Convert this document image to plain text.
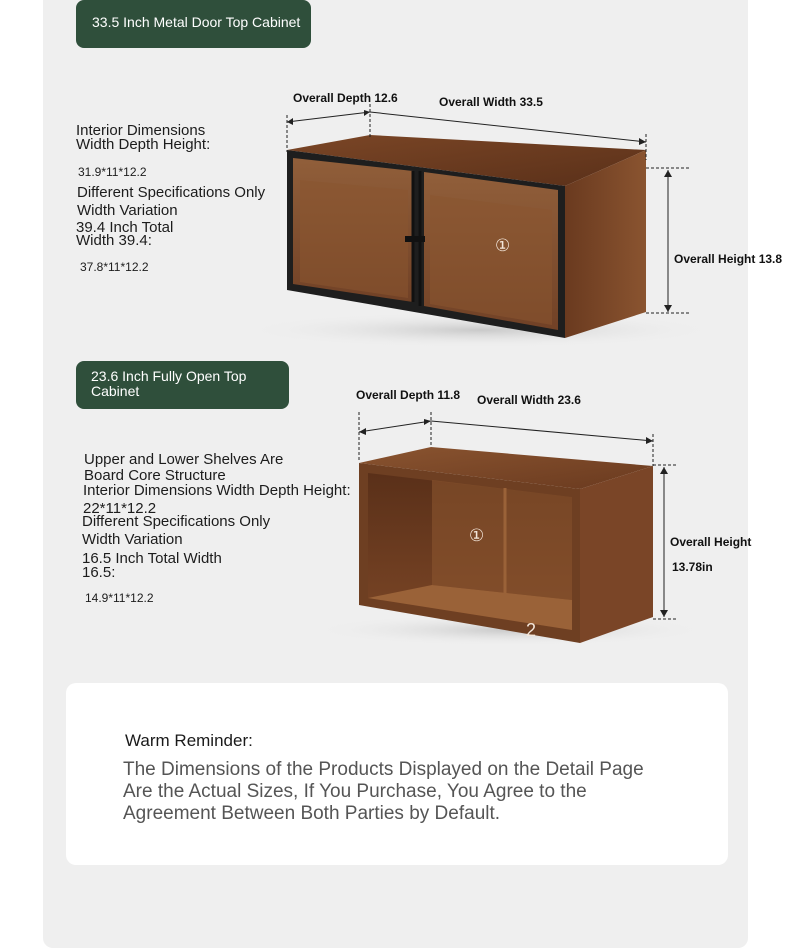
33.5 Inch Metal Door Top Cabinet
Interior Dimensions
Width Depth Height:
31.9*11*12.2
Different Specifications Only
Width Variation
39.4 Inch Total
Width 39.4:
37.8*11*12.2
①
Overall Depth 12.6	Overall Width 33.5
Overall Height 13.8
23.6 Inch Fully Open Top
Cabinet
Upper and Lower Shelves Are
Board Core Structure
Interior Dimensions Width Depth Height:
22*11*12.2
Different Specifications Only
Width Variation
16.5 Inch Total Width
16.5:
14.9*11*12.2
①
2
Overall Depth 11.8 Overall Width 23.6
Overall Height
13.78in
Warm Reminder:
The Dimensions of the Products Displayed on the Detail Page
Are the Actual Sizes, If You Purchase, You Agree to the
Agreement Between Both Parties by Default.
